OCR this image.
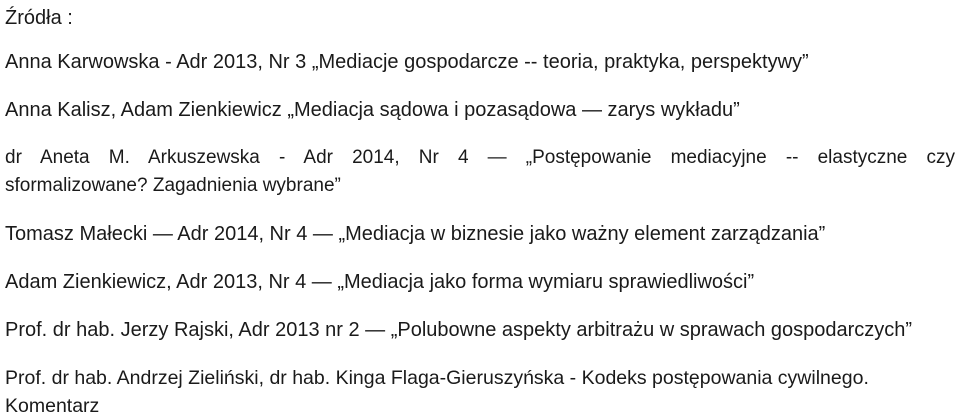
Źródła :
Anna Karwowska - Adr 2013, Nr 3 „Mediacje gospodarcze -- teoria, praktyka, perspektywy”
Anna Kalisz, Adam Zienkiewicz „Mediacja sądowa i pozasądowa — zarys wykładu”
dr Aneta M. Arkuszewska - Adr 2014, Nr 4 — „Postępowanie mediacyjne -- elastyczne czy
sformalizowane? Zagadnienia wybrane”
Tomasz Małecki — Adr 2014, Nr 4 — „Mediacja w biznesie jako ważny element zarządzania”
Adam Zienkiewicz, Adr 2013, Nr 4 — „Mediacja jako forma wymiaru sprawiedliwości”
Prof. dr hab. Jerzy Rajski, Adr 2013 nr 2 — „Polubowne aspekty arbitrażu w sprawach gospodarczych”
Prof. dr hab. Andrzej Zieliński, dr hab. Kinga Flaga-Gieruszyńska - Kodeks postępowania cywilnego.
Komentarz
